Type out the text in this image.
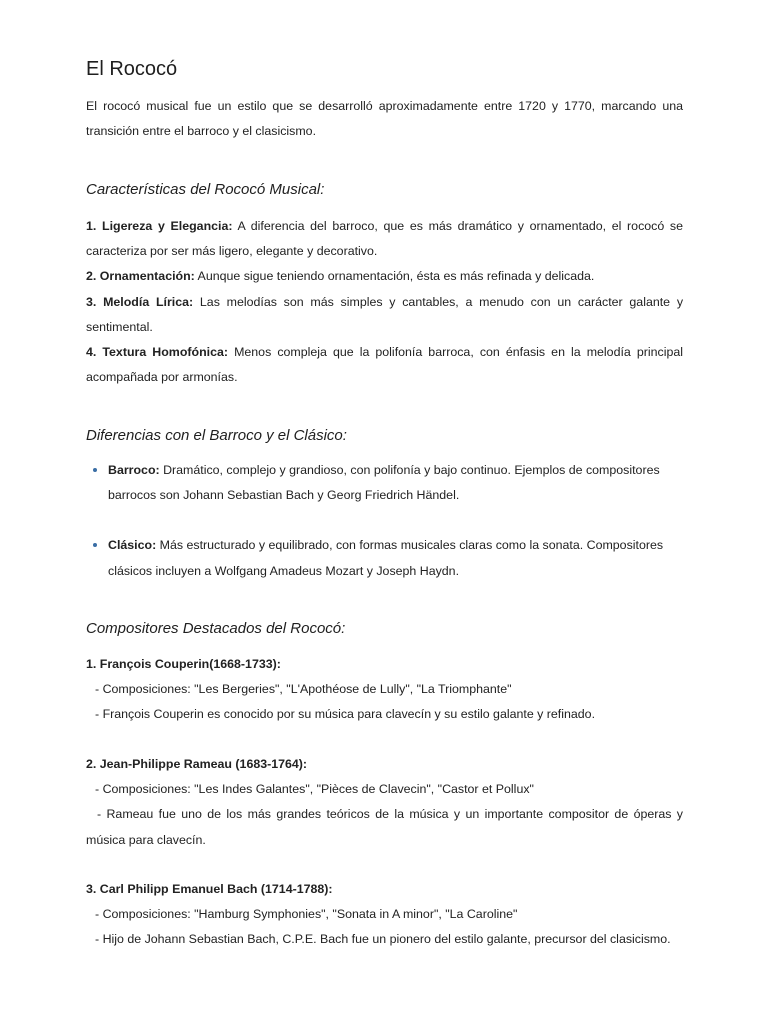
El Rococó

El rococó musical fue un estilo que se desarrolló aproximadamente entre 1720 y 1770, marcando una transición entre el barroco y el clasicismo.

Características del Rococó Musical:

1. Ligereza y Elegancia: A diferencia del barroco, que es más dramático y ornamentado, el rococó se caracteriza por ser más ligero, elegante y decorativo.

2. Ornamentación: Aunque sigue teniendo ornamentación, ésta es más refinada y delicada.

3. Melodía Lírica: Las melodías son más simples y cantables, a menudo con un carácter galante y sentimental.

4. Textura Homofónica: Menos compleja que la polifonía barroca, con énfasis en la melodía principal acompañada por armonías.

Diferencias con el Barroco y el Clásico:
Barroco: Dramático, complejo y grandioso, con polifonía y bajo continuo. Ejemplos de compositores barrocos son Johann Sebastian Bach y Georg Friedrich Händel.
Clásico: Más estructurado y equilibrado, con formas musicales claras como la sonata. Compositores clásicos incluyen a Wolfgang Amadeus Mozart y Joseph Haydn.
Compositores Destacados del Rococó:

1. François Couperin(1668-1733):

- Composiciones: "Les Bergeries", "L'Apothéose de Lully", "La Triomphante"

- François Couperin es conocido por su música para clavecín y su estilo galante y refinado.

2. Jean-Philippe Rameau (1683-1764):

- Composiciones: "Les Indes Galantes", "Pièces de Clavecin", "Castor et Pollux"

- Rameau fue uno de los más grandes teóricos de la música y un importante compositor de óperas y música para clavecín.

3. Carl Philipp Emanuel Bach (1714-1788):

- Composiciones: "Hamburg Symphonies", "Sonata in A minor", "La Caroline"

- Hijo de Johann Sebastian Bach, C.P.E. Bach fue un pionero del estilo galante, precursor del clasicismo.
